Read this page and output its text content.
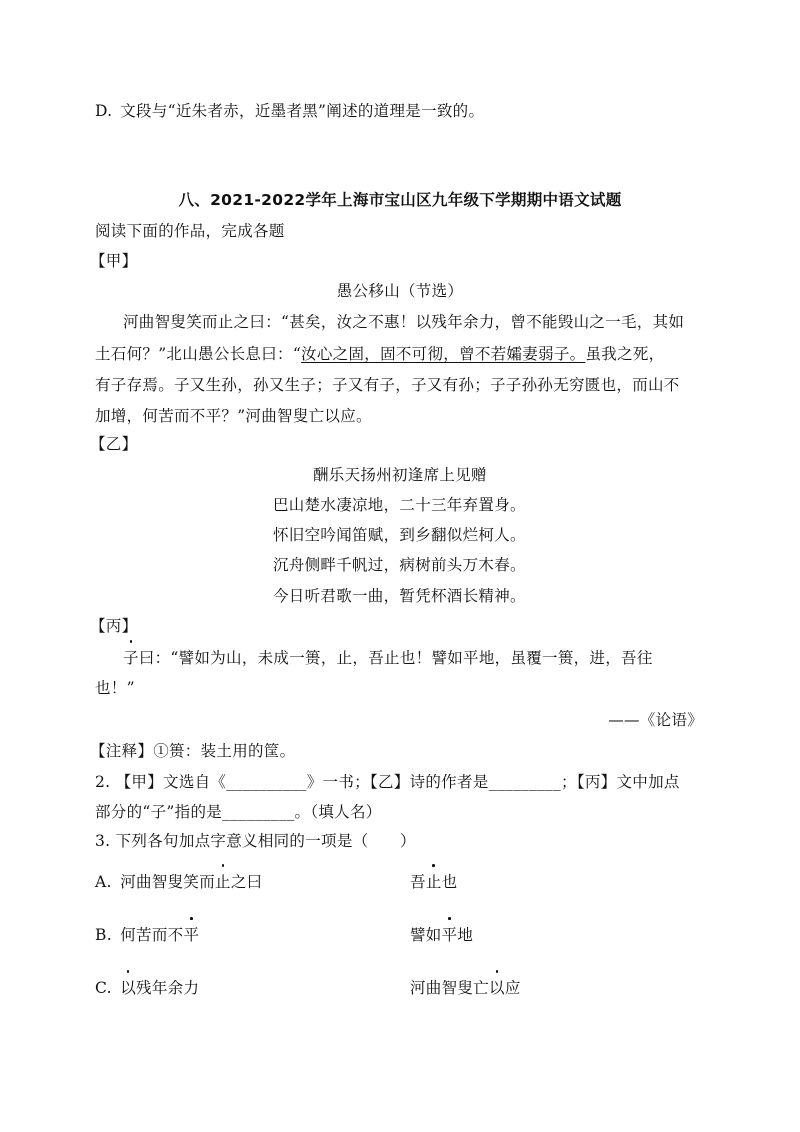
D. 文段与“近朱者赤，近墨者黑”阐述的道理是一致的。
八、2021-2022学年上海市宝山区九年级下学期期中语文试题
阅读下面的作品，完成各题
【甲】
愚公移山（节选）
河曲智叟笑而止之曰：“甚矣，汝之不惠！以残年余力，曾不能毁山之一毛，其如
土石何？”北山愚公长息曰：“汝心之固，固不可彻，曾不若孀妻弱子。虽我之死，
有子存焉。子又生孙，孙又生子；子又有子，子又有孙；子子孙孙无穷匮也，而山不
加增，何苦而不平？”河曲智叟亡以应。
【乙】
酬乐天扬州初逢席上见赠
巴山楚水凄凉地，二十三年弃置身。
怀旧空吟闻笛赋，到乡翻似烂柯人。
沉舟侧畔千帆过，病树前头万木春。
今日听君歌一曲，暂凭杯酒长精神。
【丙】
子曰：“譬如为山，未成一篑，止，吾止也！譬如平地，虽覆一篑，进，吾往
也！”
——《论语》
【注释】①篑：装土用的筐。
2. 【甲】文选自《__________》一书；【乙】诗的作者是_________；【丙】文中加点
部分的“子”指的是_________。（填人名）
3. 下列各句加点字意义相同的一项是（　　）
A. 河曲智叟笑而止之曰	吾止也
B. 何苦而不平	譬如平地
C. 以残年余力	河曲智叟亡以应
